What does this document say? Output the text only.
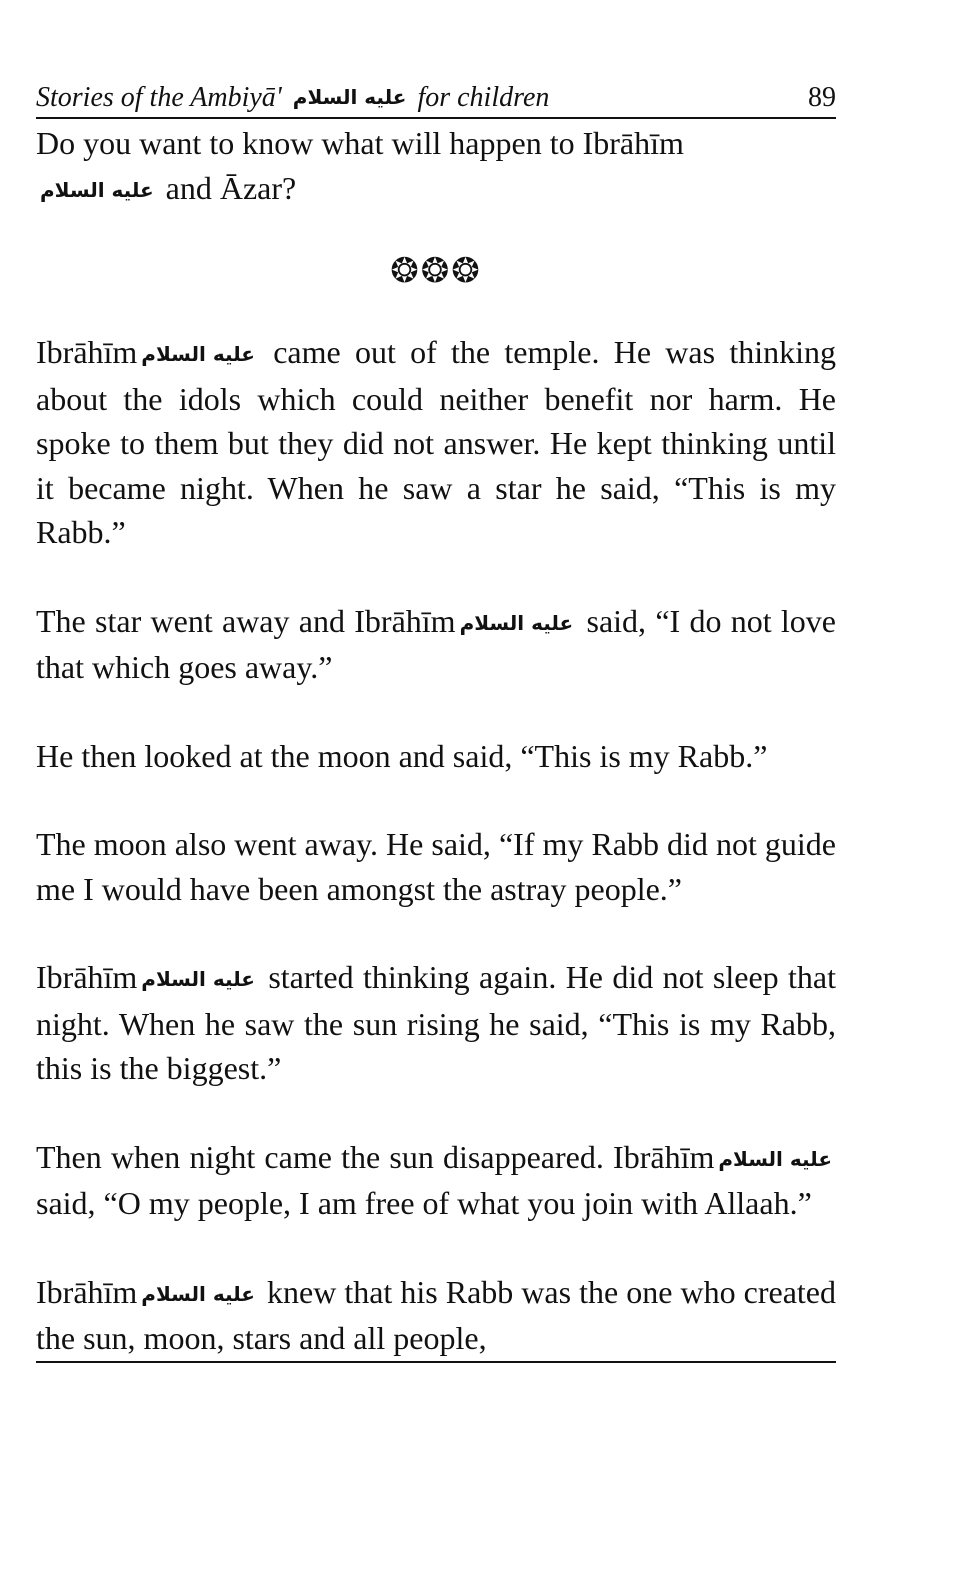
Stories of the Ambiyā' عليه السلام for children	89

Do you want to know what will happen to Ibrāhīm
عليه السلام and Āzar?

❂❂❂

Ibrāhīm عليه السلام came out of the temple. He was thinking about the idols which could neither benefit nor harm. He spoke to them but they did not answer. He kept thinking until it became night. When he saw a star he said, “This is my Rabb.”

The star went away and Ibrāhīm عليه السلام said, “I do not love that which goes away.”

He then looked at the moon and said, “This is my Rabb.”

The moon also went away. He said, “If my Rabb did not guide me I would have been amongst the astray people.”

Ibrāhīm عليه السلام started thinking again. He did not sleep that night. When he saw the sun rising he said, “This is my Rabb, this is the biggest.”

Then when night came the sun disappeared. Ibrāhīm عليه السلام said, “O my people, I am free of what you join with Allaah.”

Ibrāhīm عليه السلام knew that his Rabb was the one who created the sun, moon, stars and all people,
